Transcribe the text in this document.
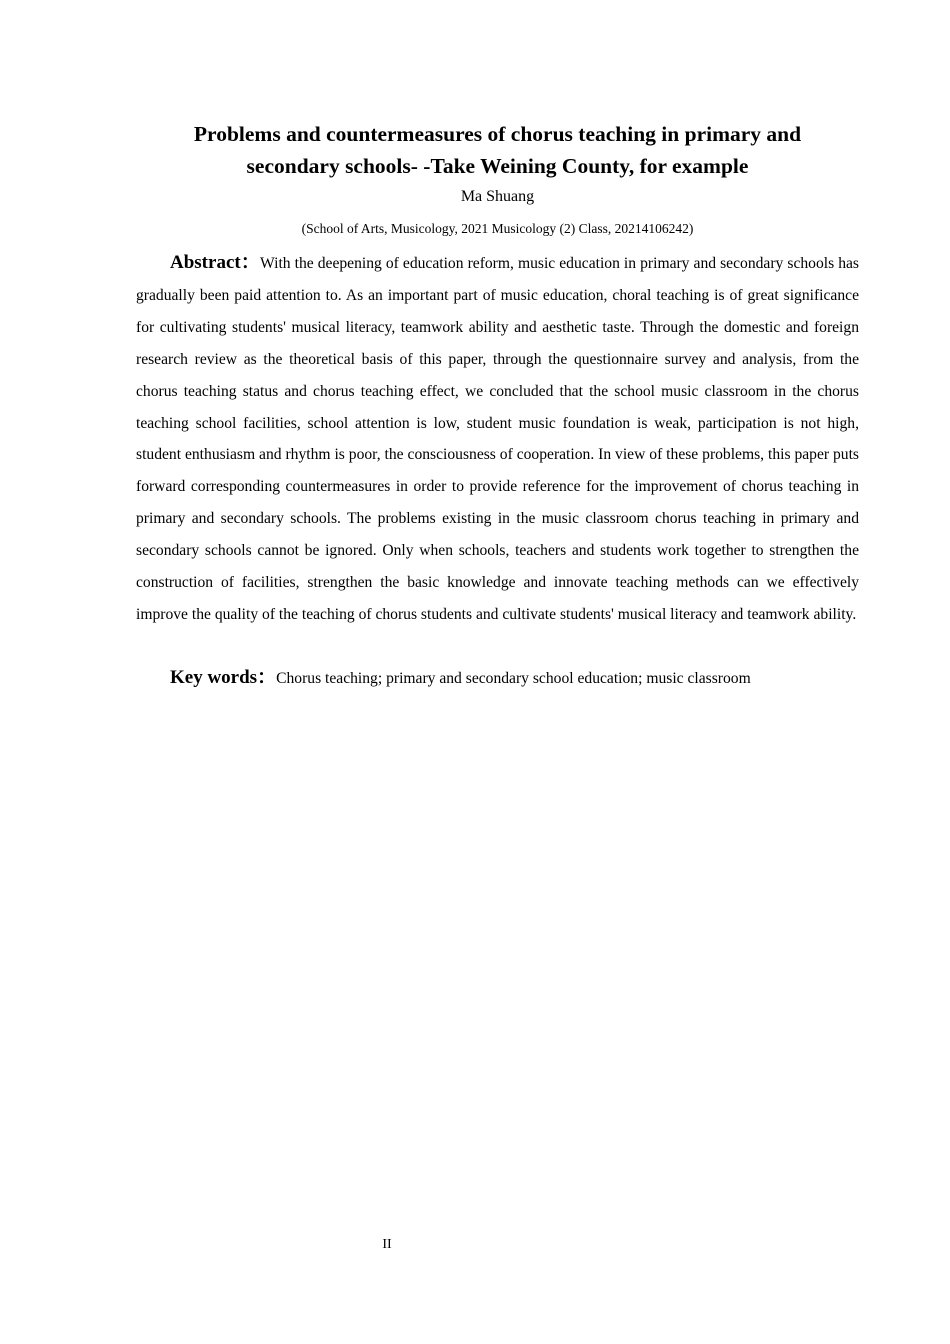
Problems and countermeasures of chorus teaching in primary and
secondary schools- -Take Weining County, for example
Ma Shuang
(School of Arts, Musicology, 2021 Musicology (2) Class, 20214106242)

Abstract：With the deepening of education reform, music education in primary and secondary schools has gradually been paid attention to. As an important part of music education, choral teaching is of great significance for cultivating students' musical literacy, teamwork ability and aesthetic taste. Through the domestic and foreign research review as the theoretical basis of this paper, through the questionnaire survey and analysis, from the chorus teaching status and chorus teaching effect, we concluded that the school music classroom in the chorus teaching school facilities, school attention is low, student music foundation is weak, participation is not high, student enthusiasm and rhythm is poor, the consciousness of cooperation. In view of these problems, this paper puts forward corresponding countermeasures in order to provide reference for the improvement of chorus teaching in primary and secondary schools. The problems existing in the music classroom chorus teaching in primary and secondary schools cannot be ignored. Only when schools, teachers and students work together to strengthen the construction of facilities, strengthen the basic knowledge and innovate teaching methods can we effectively improve the quality of the teaching of chorus students and cultivate students' musical literacy and teamwork ability.

Key words：Chorus teaching; primary and secondary school education; music classroom
II
